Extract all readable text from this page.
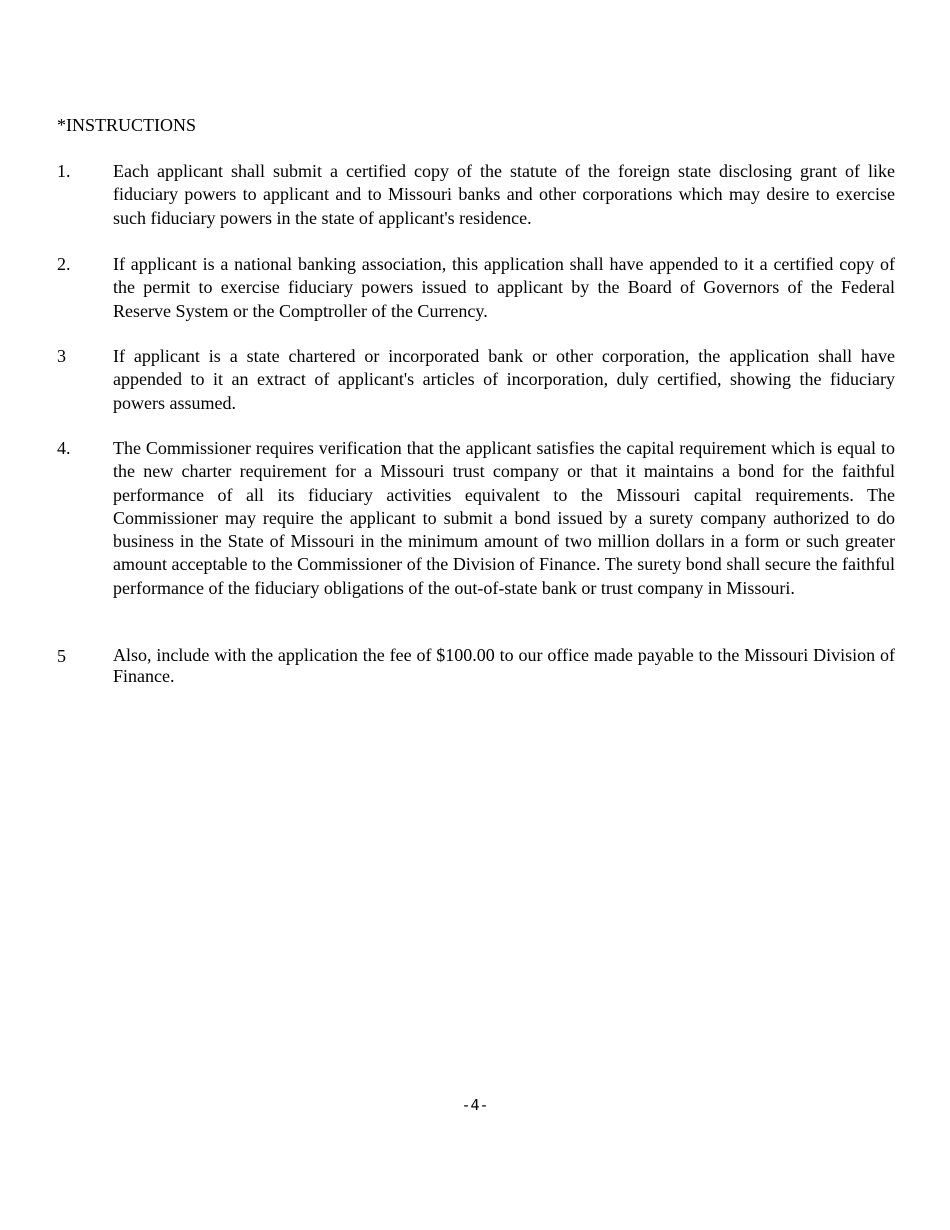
*INSTRUCTIONS
1. Each applicant shall submit a certified copy of the statute of the foreign state disclosing grant of like fiduciary powers to applicant and to Missouri banks and other corporations which may desire to exercise such fiduciary powers in the state of applicant's residence.
2. If applicant is a national banking association, this application shall have appended to it a certified copy of the permit to exercise fiduciary powers issued to applicant by the Board of Governors of the Federal Reserve System or the Comptroller of the Currency.
3	If applicant is a state chartered or incorporated bank or other corporation, the application shall have appended to it an extract of applicant's articles of incorporation, duly certified, showing the fiduciary powers assumed.
4. The Commissioner requires verification that the applicant satisfies the capital requirement which is equal to the new charter requirement for a Missouri trust company or that it maintains a bond for the faithful performance of all its fiduciary activities equivalent to the Missouri capital requirements. The Commissioner may require the applicant to submit a bond issued by a surety company authorized to do business in the State of Missouri in the minimum amount of two million dollars in a form or such greater amount acceptable to the Commissioner of the Division of Finance. The surety bond shall secure the faithful performance of the fiduciary obligations of the out-of-state bank or trust company in Missouri.
5	Also, include with the application the fee of $100.00 to our office made payable to the Missouri Division of Finance.
-4-
